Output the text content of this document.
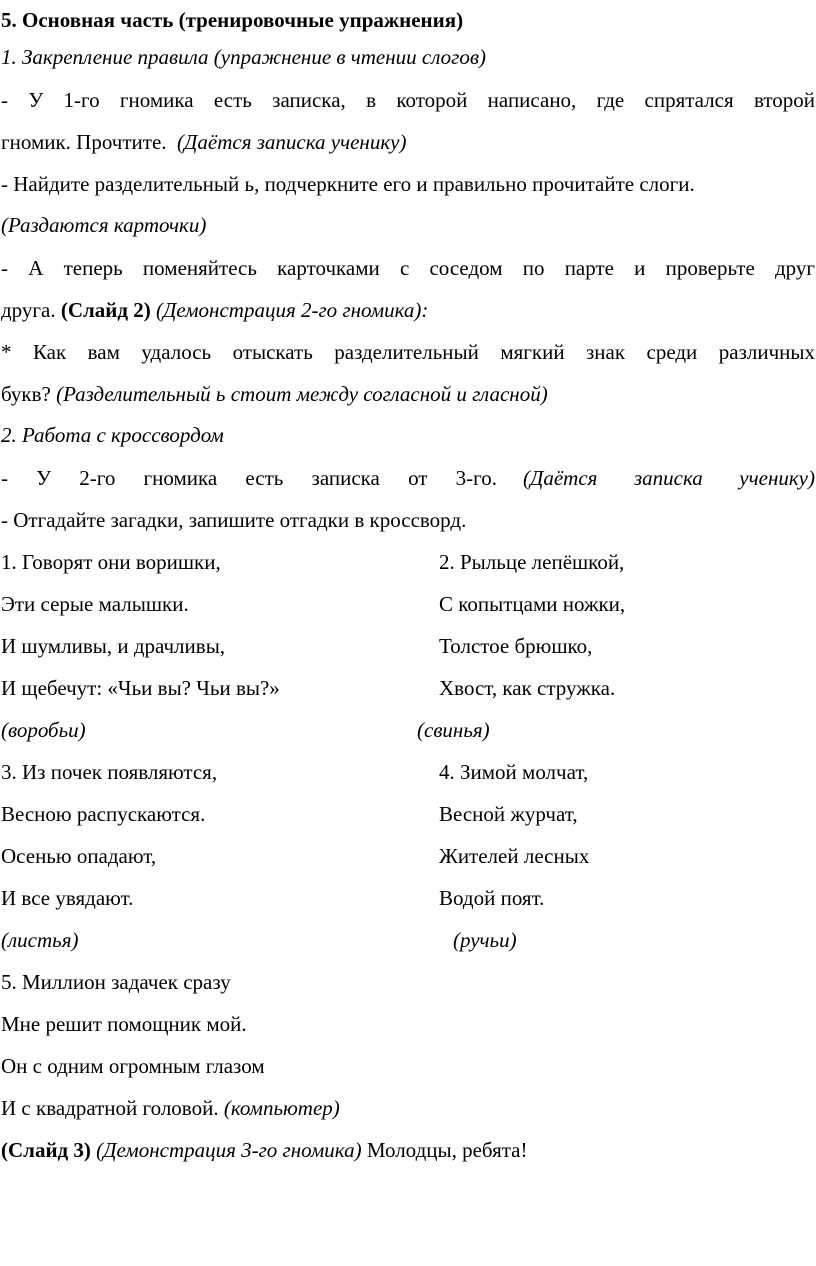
5. Основная часть (тренировочные упражнения)
1. Закрепление правила (упражнение в чтении слогов)
- У 1-го гномика есть записка, в которой написано, где спрятался второй
гномик. Прочтите. (Даётся записка ученику)
- Найдите разделительный ь, подчеркните его и правильно прочитайте слоги.
(Раздаются карточки)
- А теперь поменяйтесь карточками с соседом по парте и проверьте друг
друга. (Слайд 2) (Демонстрация 2-го гномика):
* Как вам удалось отыскать разделительный мягкий знак среди различных
букв? (Разделительный ь стоит между согласной и гласной)
2. Работа с кроссвордом
- У 2-го гномика есть записка от 3-го. (Даётся записка ученику)
- Отгадайте загадки, запишите отгадки в кроссворд.
1. Говорят они воришки,
Эти серые малышки.
И шумливы, и драчливы,
И щебечут: «Чьи вы? Чьи вы?»
(воробьи)
2. Рыльце лепёшкой,
С копытцами ножки,
Толстое брюшко,
Хвост, как стружка.
(свинья)
3. Из почек появляются,
Весною распускаются.
Осенью опадают,
И все увядают.
(листья)
4. Зимой молчат,
Весной журчат,
Жителей лесных
Водой поят.
(ручьи)
5. Миллион задачек сразу
Мне решит помощник мой.
Он с одним огромным глазом
И с квадратной головой. (компьютер)
(Слайд 3) (Демонстрация 3-го гномика) Молодцы, ребята!
